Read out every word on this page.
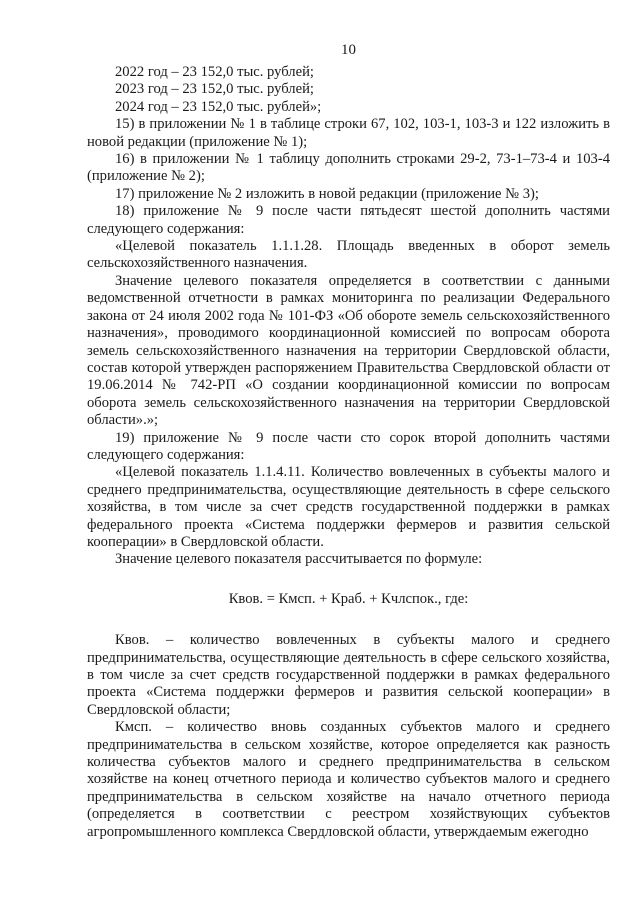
10

2022 год – 23 152,0 тыс. рублей;

2023 год – 23 152,0 тыс. рублей;

2024 год – 23 152,0 тыс. рублей»;

15) в приложении № 1 в таблице строки 67, 102, 103-1, 103-3 и 122 изложить в новой редакции (приложение № 1);

16) в приложении № 1 таблицу дополнить строками 29-2, 73-1–73-4 и 103-4 (приложение № 2);

17) приложение № 2 изложить в новой редакции (приложение № 3);

18) приложение № 9 после части пятьдесят шестой дополнить частями следующего содержания:

«Целевой показатель 1.1.1.28. Площадь введенных в оборот земель сельскохозяйственного назначения.

Значение целевого показателя определяется в соответствии с данными ведомственной отчетности в рамках мониторинга по реализации Федерального закона от 24 июля 2002 года № 101-ФЗ «Об обороте земель сельскохозяйственного назначения», проводимого координационной комиссией по вопросам оборота земель сельскохозяйственного назначения на территории Свердловской области, состав которой утвержден распоряжением Правительства Свердловской области от 19.06.2014 № 742-РП «О создании координационной комиссии по вопросам оборота земель сельскохозяйственного назначения на территории Свердловской области».»;

19) приложение № 9 после части сто сорок второй дополнить частями следующего содержания:

«Целевой показатель 1.1.4.11. Количество вовлеченных в субъекты малого и среднего предпринимательства, осуществляющие деятельность в сфере сельского хозяйства, в том числе за счет средств государственной поддержки в рамках федерального проекта «Система поддержки фермеров и развития сельской кооперации» в Свердловской области.

Значение целевого показателя рассчитывается по формуле:

Квов. = Кмсп. + Краб. + Кчлспок., где:

Квов. – количество вовлеченных в субъекты малого и среднего предпринимательства, осуществляющие деятельность в сфере сельского хозяйства, в том числе за счет средств государственной поддержки в рамках федерального проекта «Система поддержки фермеров и развития сельской кооперации» в Свердловской области;

Кмсп. – количество вновь созданных субъектов малого и среднего предпринимательства в сельском хозяйстве, которое определяется как разность количества субъектов малого и среднего предпринимательства в сельском хозяйстве на конец отчетного периода и количество субъектов малого и среднего предпринимательства в сельском хозяйстве на начало отчетного периода (определяется в соответствии с реестром хозяйствующих субъектов агропромышленного комплекса Свердловской области, утверждаемым ежегодно
